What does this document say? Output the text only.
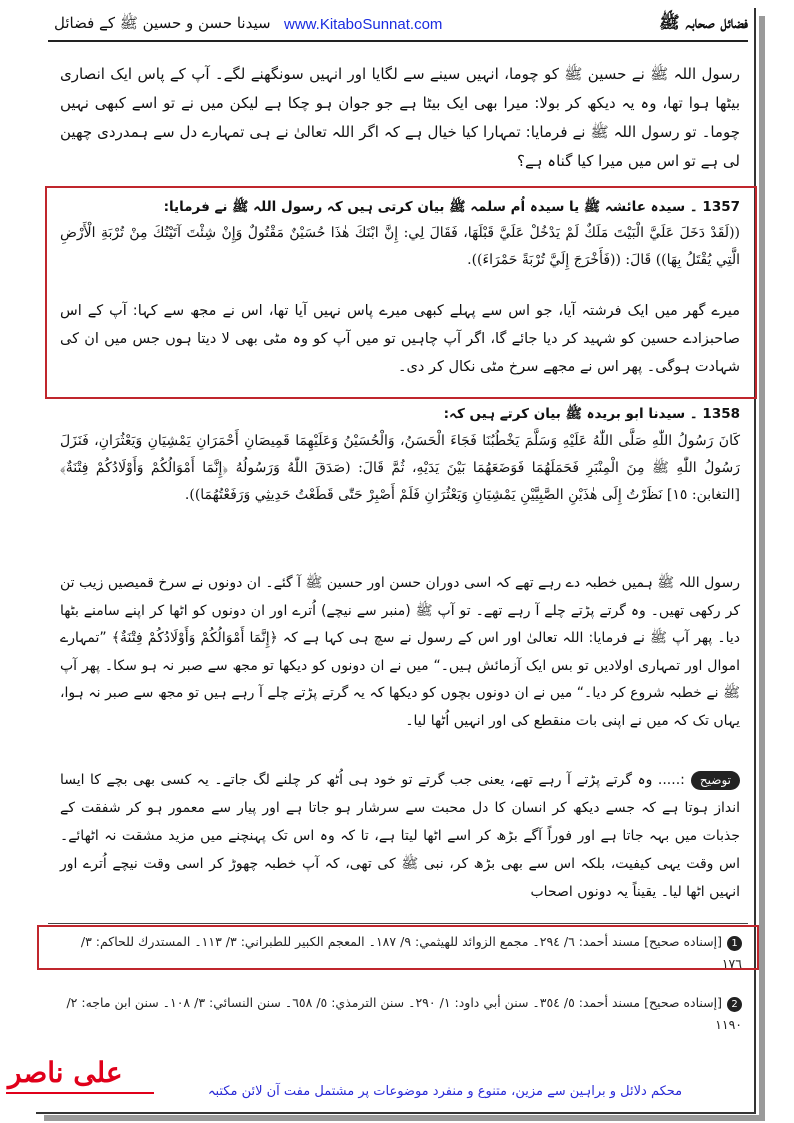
فضائل صحابہ ﷺ
www.KitaboSunnat.com
سیدنا حسن و حسین ﷺ کے فضائل
رسول اللہ ﷺ نے حسین ﷺ کو چوما، انہیں سینے سے لگایا اور انہیں سونگھنے لگے۔ آپ کے پاس ایک انصاری بیٹھا ہوا تھا، وہ یہ دیکھ کر بولا: میرا بھی ایک بیٹا ہے جو جوان ہو چکا ہے لیکن میں نے تو اسے کبھی نہیں چوما۔ تو رسول اللہ ﷺ نے فرمایا: تمہارا کیا خیال ہے کہ اگر اللہ تعالیٰ نے ہی تمہارے دل سے ہمدردی چھین لی ہے تو اس میں میرا کیا گناہ ہے؟
1357 ۔ سیدہ عائشہ ﷺ یا سیدہ اُم سلمہ ﷺ بیان کرتی ہیں کہ رسول اللہ ﷺ نے فرمایا:
((لَقَدْ دَخَلَ عَلَيَّ الْبَيْتَ مَلَكٌ لَمْ يَدْخُلْ عَلَيَّ قَبْلَهَا، فَقَالَ لِي: إِنَّ ابْنَكَ هٰذَا حُسَيْنٌ مَقْتُولٌ وَإِنْ شِئْتَ آتَيْتُكَ مِنْ تُرْبَةِ الْأَرْضِ الَّتِي يُقْتَلُ بِهَا)) قَالَ: ((فَأَخْرَجَ إِلَيَّ تُرْبَةً حَمْرَاءَ)).
میرے گھر میں ایک فرشتہ آیا، جو اس سے پہلے کبھی میرے پاس نہیں آیا تھا، اس نے مجھ سے کہا: آپ کے اس صاحبزادے حسین کو شہید کر دیا جائے گا، اگر آپ چاہیں تو میں آپ کو وہ مٹی بھی لا دیتا ہوں جس میں ان کی شہادت ہوگی۔ پھر اس نے مجھے سرخ مٹی نکال کر دی۔
1358 ۔ سیدنا ابو بریدہ ﷺ بیان کرتے ہیں کہ:
كَانَ رَسُولُ اللّٰهِ صَلَّى اللّٰهُ عَلَيْهِ وَسَلَّمَ يَخْطُبُنَا فَجَاءَ الْحَسَنُ، وَالْحُسَيْنُ وَعَلَيْهِمَا قَمِيصَانِ أَحْمَرَانِ يَمْشِيَانِ وَيَعْثُرَانِ، فَنَزَلَ رَسُولُ اللّٰهِ ﷺ مِنَ الْمِنْبَرِ فَحَمَلَهُمَا فَوَضَعَهُمَا بَيْنَ يَدَيْهِ، ثُمَّ قَالَ: (صَدَقَ اللّٰهُ وَرَسُولُهُ ﴿إِنَّمَا أَمْوَالُكُمْ وَأَوْلَادُكُمْ فِتْنَةٌ﴾ [التغابن: ١٥] نَظَرْتُ إِلَى هٰذَيْنِ الصَّبِيَّيْنِ يَمْشِيَانِ وَيَعْثُرَانِ فَلَمْ أَصْبِرْ حَتّٰى قَطَعْتُ حَدِيثِي وَرَفَعْتُهُمَا)).
رسول اللہ ﷺ ہمیں خطبہ دے رہے تھے کہ اسی دوران حسن اور حسین ﷺ آ گئے۔ ان دونوں نے سرخ قمیصیں زیب تن کر رکھی تھیں۔ وہ گرتے پڑتے چلے آ رہے تھے۔ تو آپ ﷺ (منبر سے نیچے) اُترے اور ان دونوں کو اٹھا کر اپنے سامنے بٹھا دیا۔ پھر آپ ﷺ نے فرمایا: اللہ تعالیٰ اور اس کے رسول نے سچ ہی کہا ہے کہ ﴿إِنَّمَا أَمْوَالُكُمْ وَأَوْلَادُكُمْ فِتْنَةٌ﴾ ”تمہارے اموال اور تمہاری اولادیں تو بس ایک آزمائش ہیں۔“ میں نے ان دونوں کو دیکھا تو مجھ سے صبر نہ ہو سکا۔ پھر آپ ﷺ نے خطبہ شروع کر دیا۔“ میں نے ان دونوں بچوں کو دیکھا کہ یہ گرتے پڑتے چلے آ رہے ہیں تو مجھ سے صبر نہ ہوا، یہاں تک کہ میں نے اپنی بات منقطع کی اور انہیں اُٹھا لیا۔
توضیح:..... وہ گرتے پڑتے آ رہے تھے، یعنی جب گرتے تو خود ہی اُٹھ کر چلنے لگ جاتے۔ یہ کسی بھی بچے کا ایسا انداز ہوتا ہے کہ جسے دیکھ کر انسان کا دل محبت سے سرشار ہو جاتا ہے اور پیار سے معمور ہو کر شفقت کے جذبات میں بہہ جاتا ہے اور فوراً آگے بڑھ کر اسے اٹھا لیتا ہے، تا کہ وہ اس تک پہنچنے میں مزید مشقت نہ اٹھائے۔ اس وقت یہی کیفیت، بلکہ اس سے بھی بڑھ کر، نبی ﷺ کی تھی، کہ آپ خطبہ چھوڑ کر اسی وقت نیچے اُترے اور انہیں اٹھا لیا۔ یقیناً یہ دونوں اصحاب
1[إسناده صحيح] مسند أحمد: ٦/ ٢٩٤۔ مجمع الزوائد للهيثمي: ٩/ ١٨٧۔ المعجم الكبير للطبراني: ٣/ ١١٣۔ المستدرك للحاكم: ٣/ ١٧٦
2[إسناده صحيح] مسند أحمد: ٥/ ٣٥٤۔ سنن أبي داود: ١/ ٢٩٠۔ سنن الترمذي: ٥/ ٦٥٨۔ سنن النسائي: ٣/ ١٠٨۔ سنن ابن ماجه: ٢/ ١١٩٠
علی ناصر
محکم دلائل و براہین سے مزین، متنوع و منفرد موضوعات پر مشتمل مفت آن لائن مکتبہ
